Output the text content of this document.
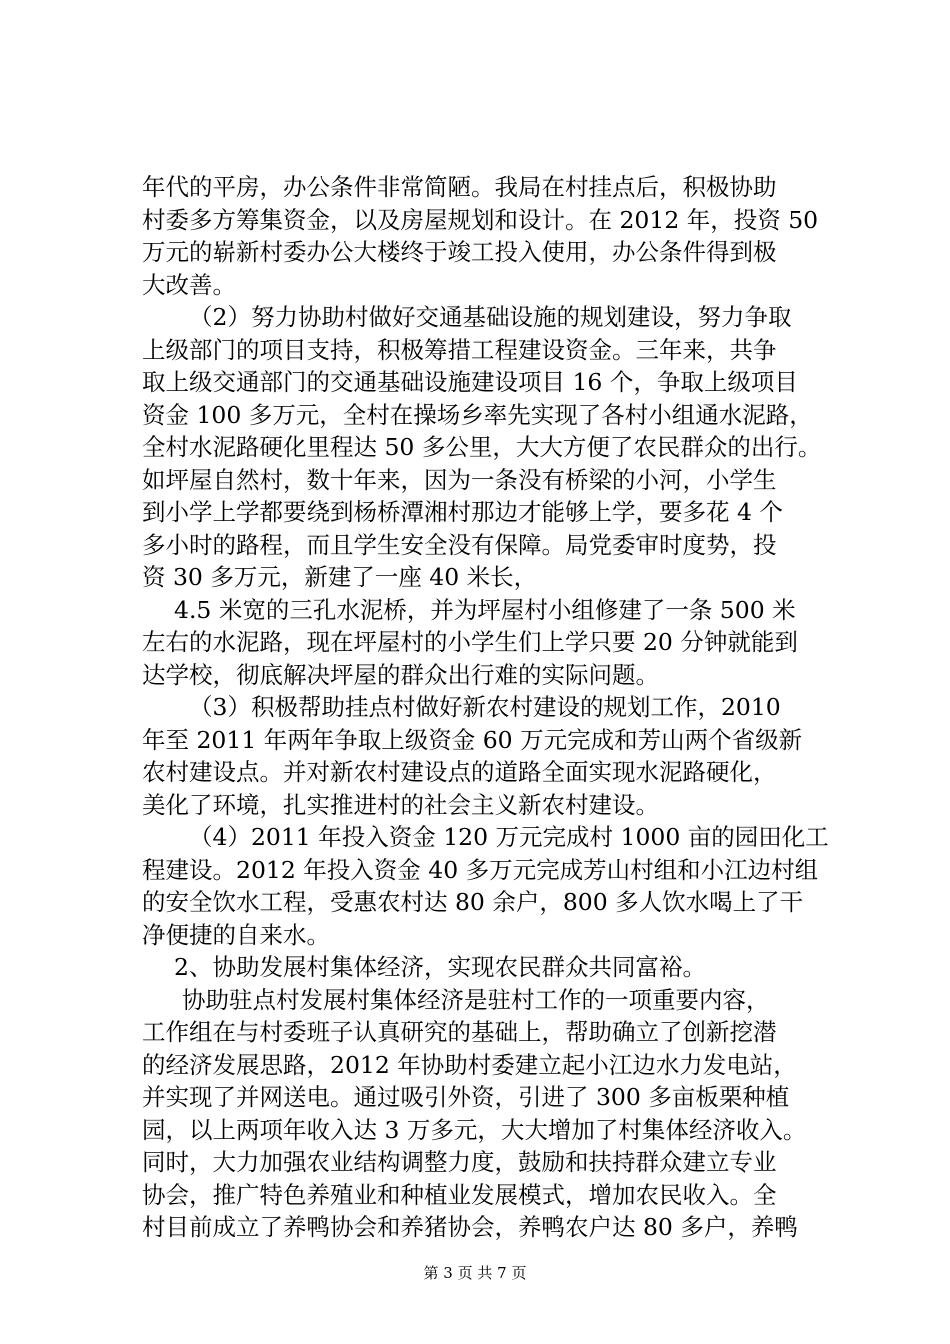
年代的平房，办公条件非常简陋。我局在村挂点后，积极协助
村委多方筹集资金，以及房屋规划和设计。在 2012 年，投资 50
万元的崭新村委办公大楼终于竣工投入使用，办公条件得到极
大改善。
（2）努力协助村做好交通基础设施的规划建设，努力争取
上级部门的项目支持，积极筹措工程建设资金。三年来，共争
取上级交通部门的交通基础设施建设项目 16 个，争取上级项目
资金 100 多万元，全村在操场乡率先实现了各村小组通水泥路，
全村水泥路硬化里程达 50 多公里，大大方便了农民群众的出行。
如坪屋自然村，数十年来，因为一条没有桥梁的小河，小学生
到小学上学都要绕到杨桥潭湘村那边才能够上学，要多花 4 个
多小时的路程，而且学生安全没有保障。局党委审时度势，投
资 30 多万元，新建了一座 40 米长，
4.5 米宽的三孔水泥桥，并为坪屋村小组修建了一条 500 米
左右的水泥路，现在坪屋村的小学生们上学只要 20 分钟就能到
达学校，彻底解决坪屋的群众出行难的实际问题。
（3）积极帮助挂点村做好新农村建设的规划工作，2010
年至 2011 年两年争取上级资金 60 万元完成和芳山两个省级新
农村建设点。并对新农村建设点的道路全面实现水泥路硬化，
美化了环境，扎实推进村的社会主义新农村建设。
（4）2011 年投入资金 120 万元完成村 1000 亩的园田化工
程建设。2012 年投入资金 40 多万元完成芳山村组和小江边村组
的安全饮水工程，受惠农村达 80 余户，800 多人饮水喝上了干
净便捷的自来水。
2、协助发展村集体经济，实现农民群众共同富裕。
协助驻点村发展村集体经济是驻村工作的一项重要内容，
工作组在与村委班子认真研究的基础上，帮助确立了创新挖潜
的经济发展思路，2012 年协助村委建立起小江边水力发电站，
并实现了并网送电。通过吸引外资，引进了 300 多亩板栗种植
园，以上两项年收入达 3 万多元，大大增加了村集体经济收入。
同时，大力加强农业结构调整力度，鼓励和扶持群众建立专业
协会，推广特色养殖业和种植业发展模式，增加农民收入。全
村目前成立了养鸭协会和养猪协会，养鸭农户达 80 多户，养鸭
第 3 页 共 7 页
